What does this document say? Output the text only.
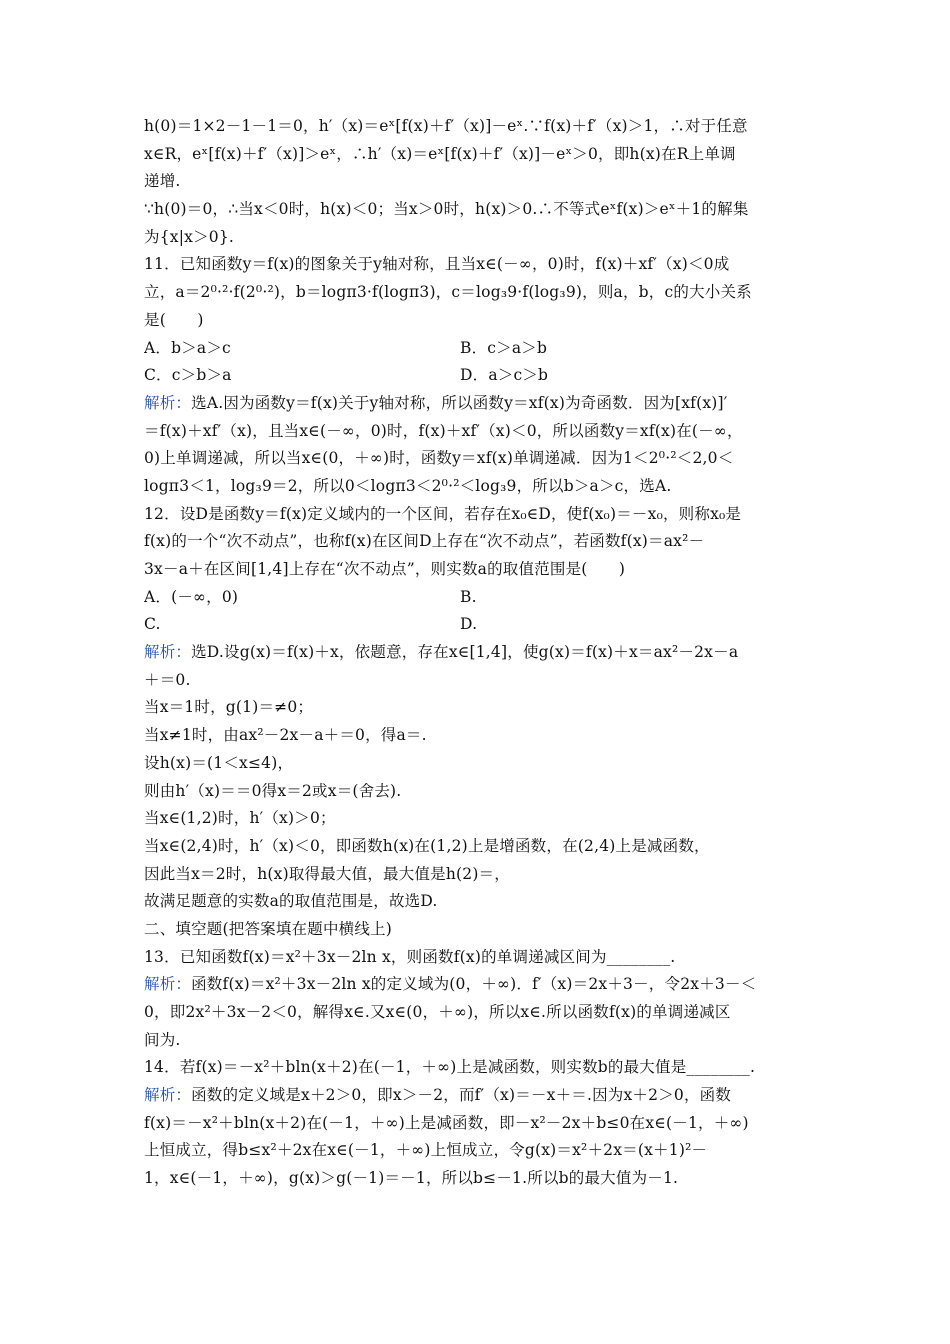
h(0)＝1×2－1－1＝0，h′（x)＝eˣ[f(x)＋f′（x)]－eˣ.∵f(x)＋f′（x)＞1，∴对于任意
x∈R，eˣ[f(x)＋f′（x)]＞eˣ，∴h′（x)＝eˣ[f(x)＋f′（x)]－eˣ＞0，即h(x)在R上单调
递增.
∵h(0)＝0，∴当x＜0时，h(x)＜0；当x＞0时，h(x)＞0.∴不等式eˣf(x)＞eˣ＋1的解集
为{x|x＞0}.
11．已知函数y＝f(x)的图象关于y轴对称，且当x∈(－∞，0)时，f(x)＋xf′（x)＜0成
立，a＝2⁰·²·f(2⁰·²)，b＝logπ3·f(logπ3)，c＝log₃9·f(log₃9)，则a，b，c的大小关系
是(　　)
A．b＞a＞c	B．c＞a＞b
C．c＞b＞a	D．a＞c＞b
解析：选A.因为函数y＝f(x)关于y轴对称，所以函数y＝xf(x)为奇函数．因为[xf(x)]′
＝f(x)＋xf′（x)，且当x∈(－∞，0)时，f(x)＋xf′（x)＜0，所以函数y＝xf(x)在(－∞，
0)上单调递减，所以当x∈(0，＋∞)时，函数y＝xf(x)单调递减．因为1＜2⁰·²＜2,0＜
logπ3＜1，log₃9＝2，所以0＜logπ3＜2⁰·²＜log₃9，所以b＞a＞c，选A.
12．设D是函数y＝f(x)定义域内的一个区间，若存在x₀∈D，使f(x₀)＝－x₀，则称x₀是
f(x)的一个“次不动点”，也称f(x)在区间D上存在“次不动点”，若函数f(x)＝ax²－
3x－a＋在区间[1,4]上存在“次不动点”，则实数a的取值范围是(　　)
A．(－∞，0)	B.
C.	D.
解析：选D.设g(x)＝f(x)＋x，依题意，存在x∈[1,4]，使g(x)＝f(x)＋x＝ax²－2x－a
＋＝0.
当x＝1时，g(1)＝≠0；
当x≠1时，由ax²－2x－a＋＝0，得a＝.
设h(x)＝(1＜x≤4)，
则由h′（x)＝＝0得x＝2或x＝(舍去).
当x∈(1,2)时，h′（x)＞0；
当x∈(2,4)时，h′（x)＜0，即函数h(x)在(1,2)上是增函数，在(2,4)上是减函数，
因此当x＝2时，h(x)取得最大值，最大值是h(2)＝，
故满足题意的实数a的取值范围是，故选D.
二、填空题(把答案填在题中横线上)
13．已知函数f(x)＝x²＋3x－2ln x，则函数f(x)的单调递减区间为________.
解析：函数f(x)＝x²＋3x－2ln x的定义域为(0，＋∞)．f′（x)＝2x＋3－，令2x＋3－＜
0，即2x²＋3x－2＜0，解得x∈.又x∈(0，＋∞)，所以x∈.所以函数f(x)的单调递减区
间为.
14．若f(x)＝－x²＋bln(x＋2)在(－1，＋∞)上是减函数，则实数b的最大值是________.
解析：函数的定义域是x＋2＞0，即x＞－2，而f′（x)＝－x＋＝.因为x＋2＞0，函数
f(x)＝－x²＋bln(x＋2)在(－1，＋∞)上是减函数，即－x²－2x＋b≤0在x∈(－1，＋∞)
上恒成立，得b≤x²＋2x在x∈(－1，＋∞)上恒成立，令g(x)＝x²＋2x＝(x＋1)²－
1，x∈(－1，＋∞)，g(x)＞g(－1)＝－1，所以b≤－1.所以b的最大值为－1.
